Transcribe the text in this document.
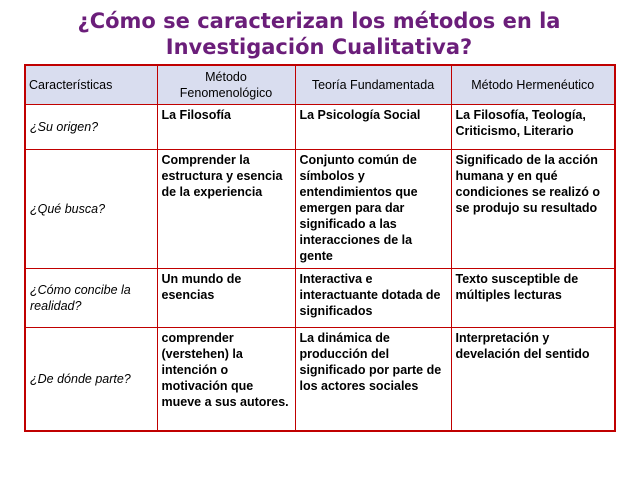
¿Cómo se caracterizan los métodos en la
Investigación Cualitativa?
Características	Método Fenomenológico	Teoría Fundamentada	Método Hermenéutico
¿Su origen?	La Filosofía	La Psicología Social	La Filosofía, Teología, Criticismo, Literario
¿Qué busca?	Comprender la estructura y esencia de la experiencia	Conjunto común de símbolos y entendimientos que emergen para dar significado a las interacciones de la gente	Significado de la acción humana y en qué condiciones se realizó o se produjo su resultado
¿Cómo concibe la realidad?	Un mundo de esencias	Interactiva e interactuante dotada de significados	Texto susceptible de múltiples lecturas
¿De dónde parte?	comprender (verstehen) la intención o motivación que mueve a sus autores.	La dinámica de producción del significado por parte de los actores sociales	Interpretación y develación del sentido
